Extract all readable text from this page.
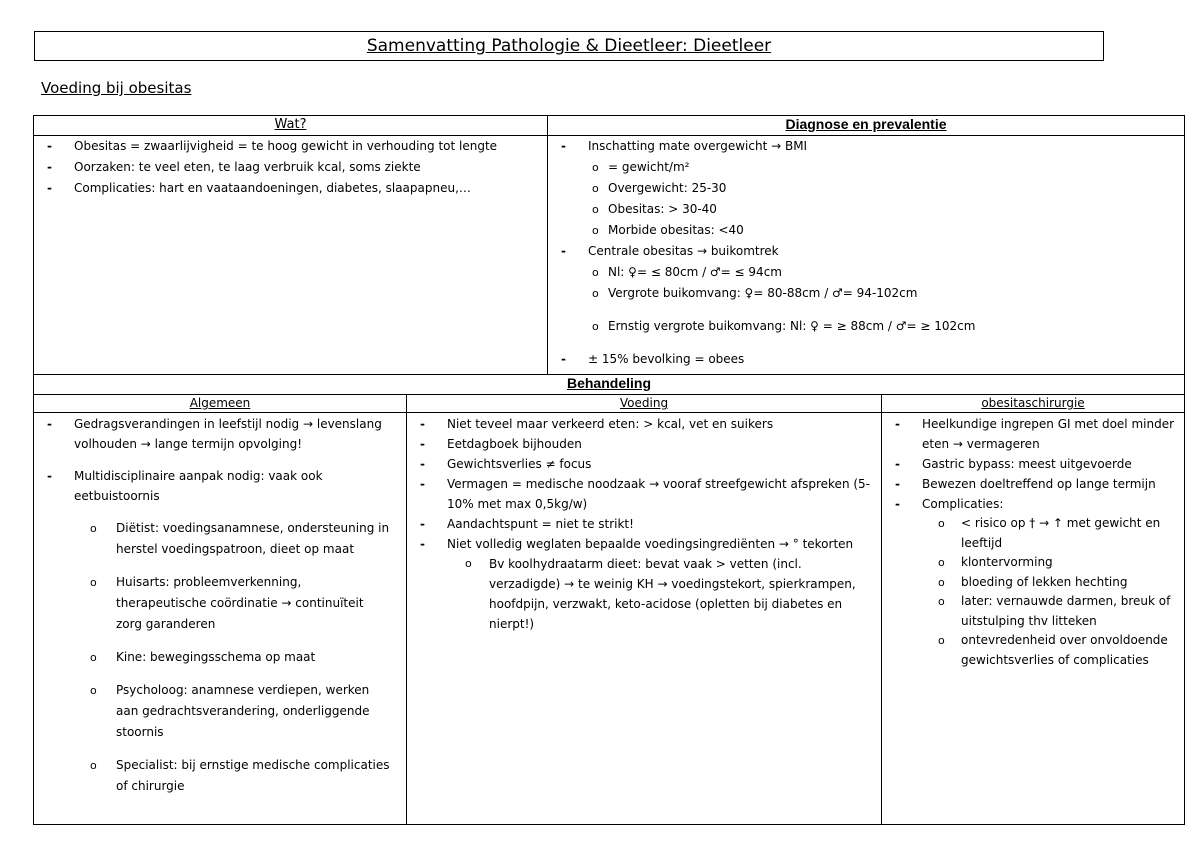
Samenvatting Pathologie & Dieetleer: Dieetleer
Voeding bij obesitas
Wat?
- Obesitas = zwaarlijvigheid = te hoog gewicht in verhouding tot lengte
- Oorzaken: te veel eten, te laag verbruik kcal, soms ziekte
- Complicaties: hart en vaataandoeningen, diabetes, slaapapneu,…
Diagnose en prevalentie
- Inschatting mate overgewicht → BMI
o = gewicht/m²
o Overgewicht: 25-30
o Obesitas: > 30-40
o Morbide obesitas: <40
- Centrale obesitas → buikomtrek
o Nl: ♀= ≤ 80cm / ♂= ≤ 94cm
o Vergrote buikomvang: ♀= 80-88cm / ♂= 94-102cm
o Ernstig vergrote buikomvang: Nl: ♀ = ≥ 88cm / ♂= ≥ 102cm
- ± 15% bevolking = obees
Behandeling
Algemeen
- Gedragsverandingen in leefstijl nodig → levenslang volhouden → lange termijn opvolging!
- Multidisciplinaire aanpak nodig: vaak ook eetbuistoornis
o Diëtist: voedingsanamnese, ondersteuning in herstel voedingspatroon, dieet op maat
o Huisarts: probleemverkenning, therapeutische coördinatie → continuïteit zorg garanderen
o Kine: bewegingsschema op maat
o Psycholoog: anamnese verdiepen, werken aan gedrachtsverandering, onderliggende stoornis
o Specialist: bij ernstige medische complicaties of chirurgie
Voeding
- Niet teveel maar verkeerd eten: > kcal, vet en suikers
- Eetdagboek bijhouden
- Gewichtsverlies ≠ focus
- Vermagen = medische noodzaak → vooraf streefgewicht afspreken (5-10% met max 0,5kg/w)
- Aandachtspunt = niet te strikt!
- Niet volledig weglaten bepaalde voedingsingrediënten → ° tekorten
o Bv koolhydraatarm dieet: bevat vaak > vetten (incl. verzadigde) → te weinig KH → voedingstekort, spierkrampen, hoofdpijn, verzwakt, keto-acidose (opletten bij diabetes en nierpt!)
obesitaschirurgie
- Heelkundige ingrepen GI met doel minder eten → vermageren
- Gastric bypass: meest uitgevoerde
- Bewezen doeltreffend op lange termijn
- Complicaties:
o < risico op † → ↑ met gewicht en leeftijd
o klontervorming
o bloeding of lekken hechting
o later: vernauwde darmen, breuk of uitstulping thv litteken
o ontevredenheid over onvoldoende gewichtsverlies of complicaties
